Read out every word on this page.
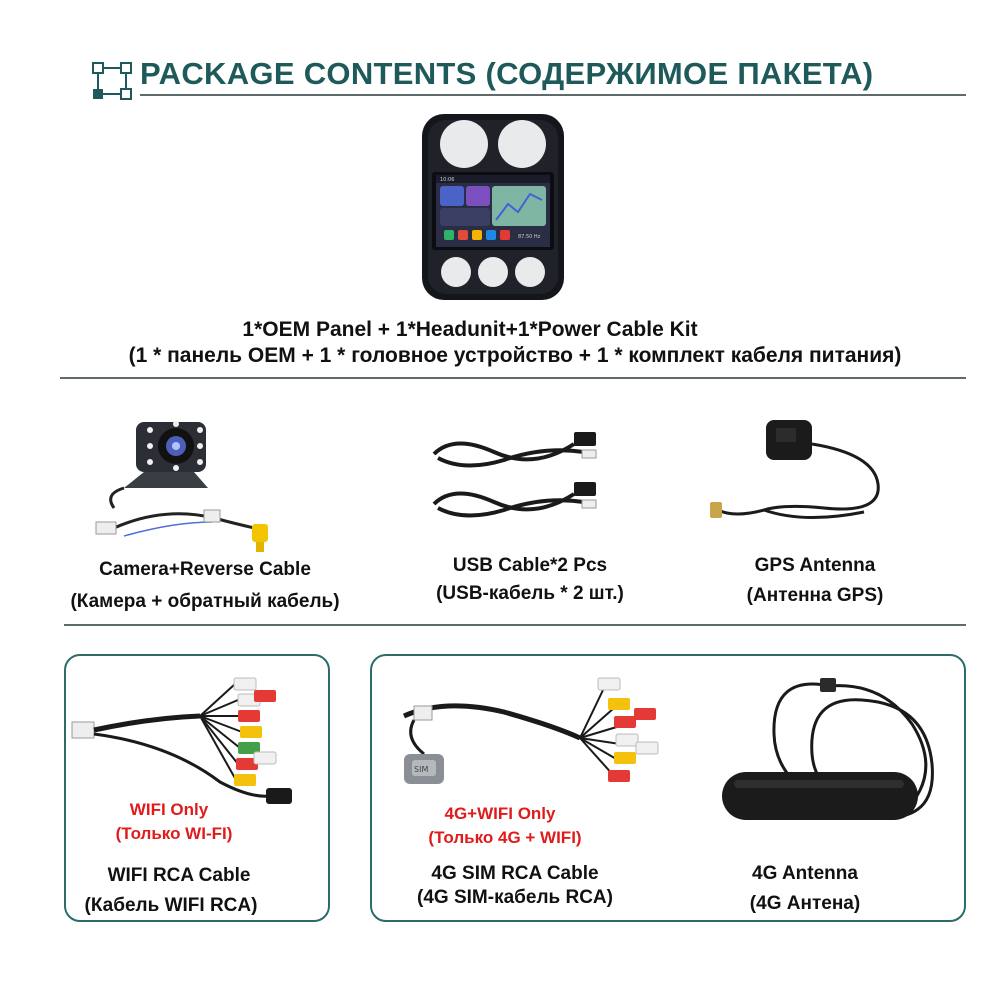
PACKAGE CONTENTS (СОДЕРЖИМОЕ ПАКЕТА)
10:06
87.50 Hz
1*OEM Panel + 1*Headunit+1*Power Cable Kit
(1 * панель OEM + 1 * головное устройство + 1 * комплект кабеля питания)
Camera+Reverse Cable
(Камера + обратный кабель)
USB Cable*2 Pcs
(USB-кабель * 2 шт.)
GPS Antenna
(Антенна GPS)
WIFI Only
(Только WI-FI)
WIFI RCA Cable
(Кабель WIFI RCA)
SIM
4G+WIFI Only
(Только 4G + WIFI)
4G SIM RCA Cable
(4G SIM-кабель RCA)
4G Antenna
(4G Антена)
